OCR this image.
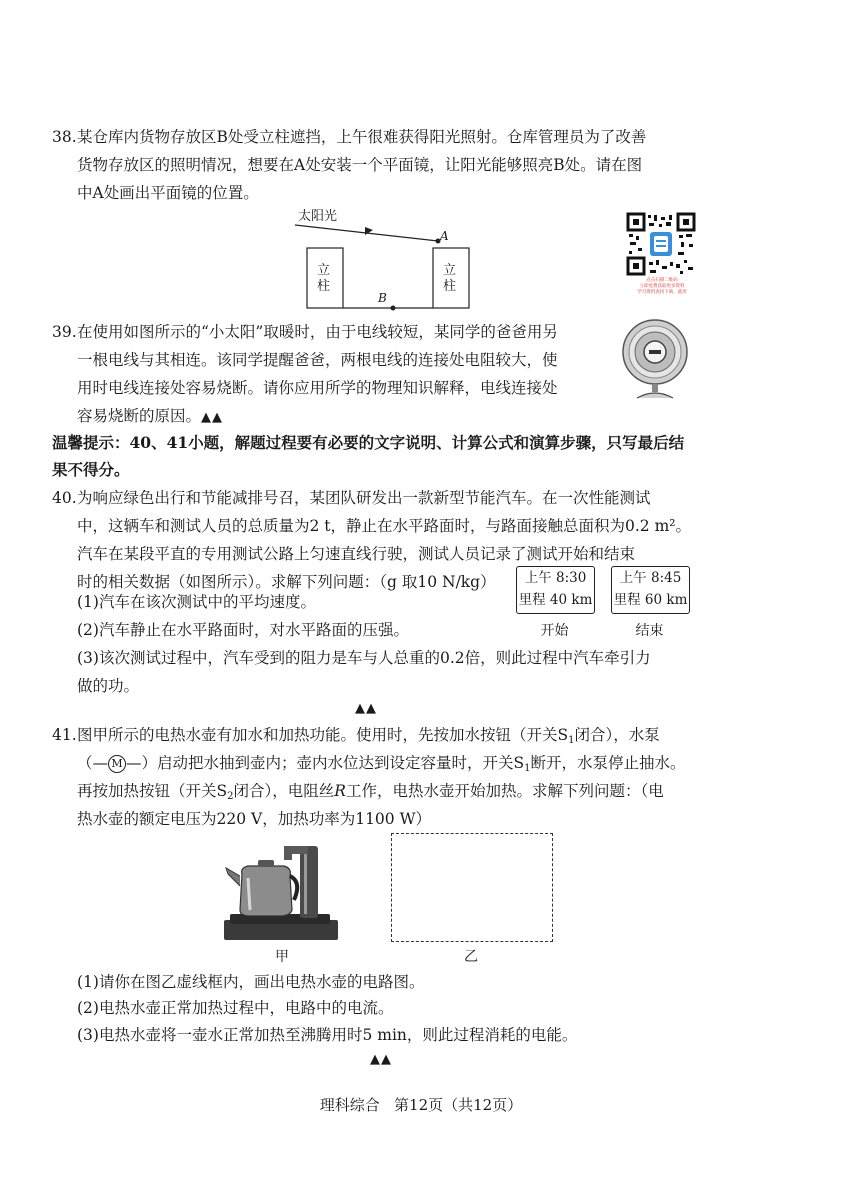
38. 某仓库内货物存放区B处受立柱遮挡，上午很难获得阳光照射。仓库管理员为了改善
货物存放区的照明情况，想要在A处安装一个平面镜，让阳光能够照亮B处。请在图
中A处画出平面镜的位置。
太阳光
A
B
立柱
立柱	点击扫描二维码
立即免费获取更多资料
学习资料查找下载，就用
39. 在使用如图所示的“小太阳”取暖时，由于电线较短，某同学的爸爸用另
一根电线与其相连。该同学提醒爸爸，两根电线的连接处电阻较大，使
用时电线连接处容易烧断。请你应用所学的物理知识解释，电线连接处
容易烧断的原因。▲▲
温馨提示：40、41小题，解题过程要有必要的文字说明、计算公式和演算步骤，只写最后结
果不得分。
40. 为响应绿色出行和节能减排号召，某团队研发出一款新型节能汽车。在一次性能测试
中，这辆车和测试人员的总质量为2 t，静止在水平路面时，与路面接触总面积为0.2 m²。
汽车在某段平直的专用测试公路上匀速直线行驶，测试人员记录了测试开始和结束
时的相关数据（如图所示）。求解下列问题：（g 取10 N/kg）
(1)汽车在该次测试中的平均速度。
(2)汽车静止在水平路面时，对水平路面的压强。
(3)该次测试过程中，汽车受到的阻力是车与人总重的0.2倍，则此过程中汽车牵引力
做的功。
上午 8:30
里程 40 km
上午 8:45
里程 60 km
开始	结束
▲▲
41. 图甲所示的电热水壶有加水和加热功能。使用时，先按加水按钮（开关$S_1$闭合），水泵
（— M —）启动把水抽到壶内；壶内水位达到设定容量时，开关$S_1$断开，水泵停止抽水。
再按加热按钮（开关$S_2$闭合），电阻丝R工作，电热水壶开始加热。求解下列问题：（电
热水壶的额定电压为220 V，加热功率为1100 W）
甲	乙
(1)请你在图乙虚线框内，画出电热水壶的电路图。
(2)电热水壶正常加热过程中，电路中的电流。
(3)电热水壶将一壶水正常加热至沸腾用时5 min，则此过程消耗的电能。
▲▲
理科综合   第12页（共12页）
